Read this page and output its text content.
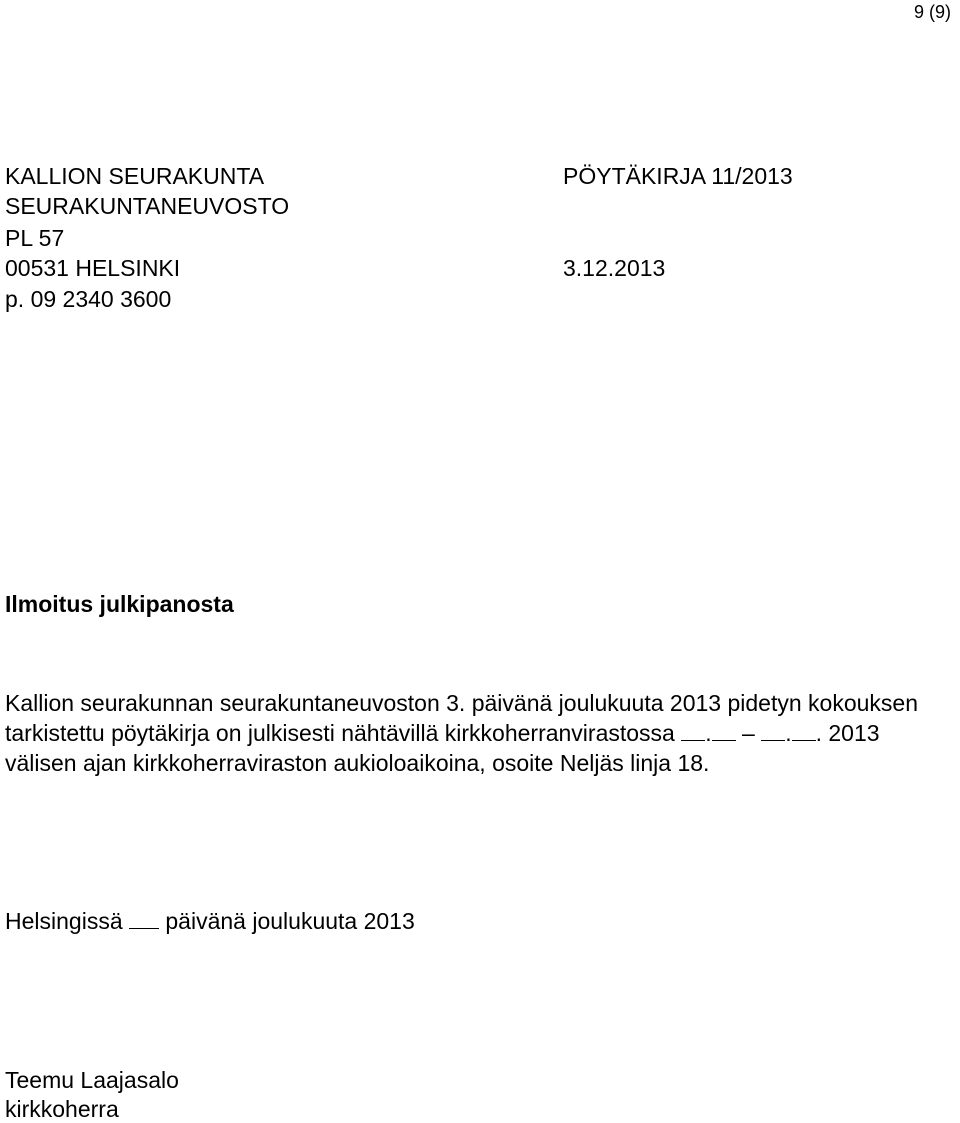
9 (9)
KALLION SEURAKUNTA
SEURAKUNTANEUVOSTO
PL 57
00531 HELSINKI
p. 09 2340 3600
PÖYTÄKIRJA 11/2013
3.12.2013
Ilmoitus julkipanosta
Kallion seurakunnan seurakuntaneuvoston 3. päivänä joulukuuta 2013 pidetyn kokouksen
tarkistettu pöytäkirja on julkisesti nähtävillä kirkkoherranvirastossa . – . . 2013
välisen ajan kirkkoherraviraston aukioloaikoina, osoite Neljäs linja 18.
Helsingissä päivänä joulukuuta 2013
Teemu Laajasalo
kirkkoherra
